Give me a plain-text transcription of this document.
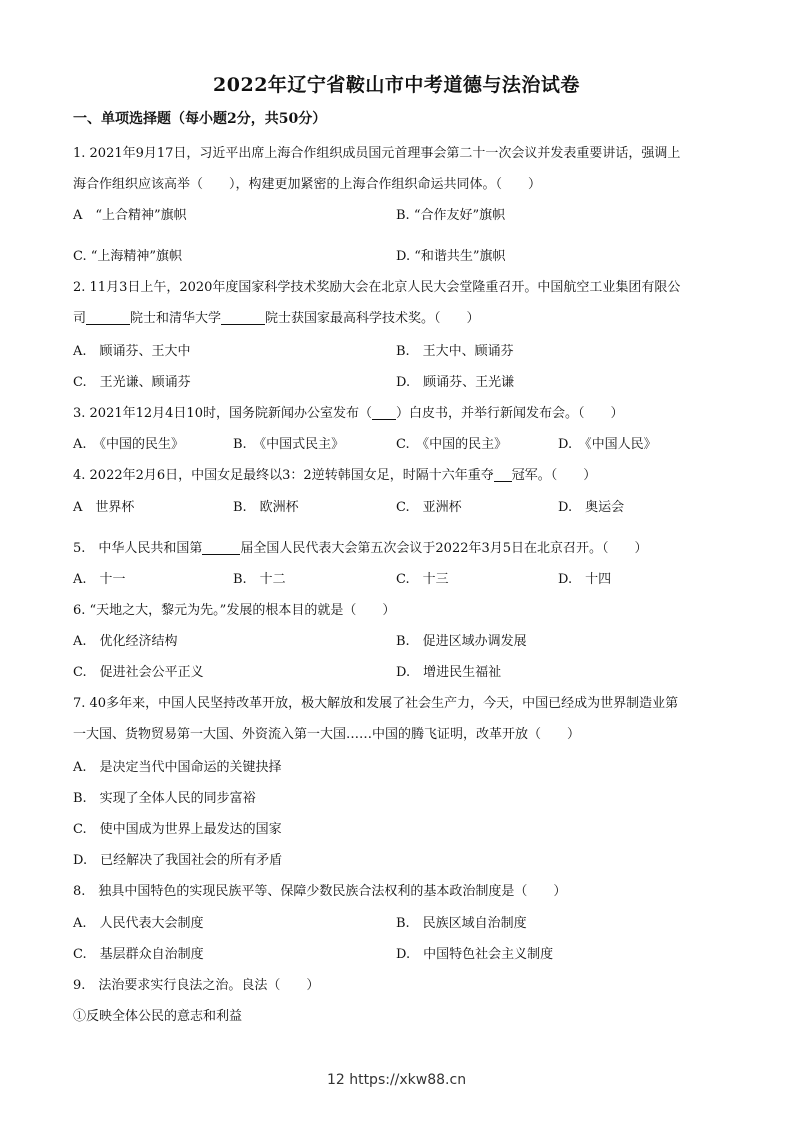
2022年辽宁省鞍山市中考道德与法治试卷
一、单项选择题（每小题2分，共50分）
1. 2021年9月17日，习近平出席上海合作组织成员国元首理事会第二十一次会议并发表重要讲话，强调上
海合作组织应该高举（　　），构建更加紧密的上海合作组织命运共同体。（　　）
A　“上合精神”旗帜	B. “合作友好”旗帜
C. “上海精神”旗帜	D. “和谐共生”旗帜
2. 11月3日上午，2020年度国家科学技术奖励大会在北京人民大会堂隆重召开。中国航空工业集团有限公
司	院士和清华大学	院士获国家最高科学技术奖。（　　）
A.　顾诵芬、王大中	B.　王大中、顾诵芬
C.　王光谦、顾诵芬	D.　顾诵芬、王光谦
3. 2021年12月4日10时，国务院新闻办公室发布（ ）白皮书，并举行新闻发布会。（　　）
A.　《中国的民生》	B.　《中国式民主》	C.　《中国的民主》	D.　《中国人民》
4. 2022年2月6日，中国女足最终以3：2逆转韩国女足，时隔十六年重夺 冠军。（　　）
A　世界杯	B.　欧洲杯	C.　亚洲杯	D.　奥运会
5.　中华人民共和国第	届全国人民代表大会第五次会议于2022年3月5日在北京召开。（　　）
A.　十一	B.　十二	C.　十三	D.　十四
6. “天地之大，黎元为先。”发展的根本目的就是（　　）
A.　优化经济结构	B.　促进区域办调发展
C.　促进社会公平正义	D.　增进民生福祉
7. 40多年来，中国人民坚持改革开放，极大解放和发展了社会生产力，今天，中国已经成为世界制造业第
一大国、货物贸易第一大国、外资流入第一大国……中国的腾飞证明，改革开放（　　）
A.　是决定当代中国命运的关键抉择
B.　实现了全体人民的同步富裕
C.　使中国成为世界上最发达的国家
D.　已经解决了我国社会的所有矛盾
8.　独具中国特色的实现民族平等、保障少数民族合法权利的基本政治制度是（　　）
A.　人民代表大会制度	B.　民族区域自治制度
C.　基层群众自治制度	D.　中国特色社会主义制度
9.　法治要求实行良法之治。良法（　　）
①反映全体公民的意志和利益
12 https://xkw88.cn
